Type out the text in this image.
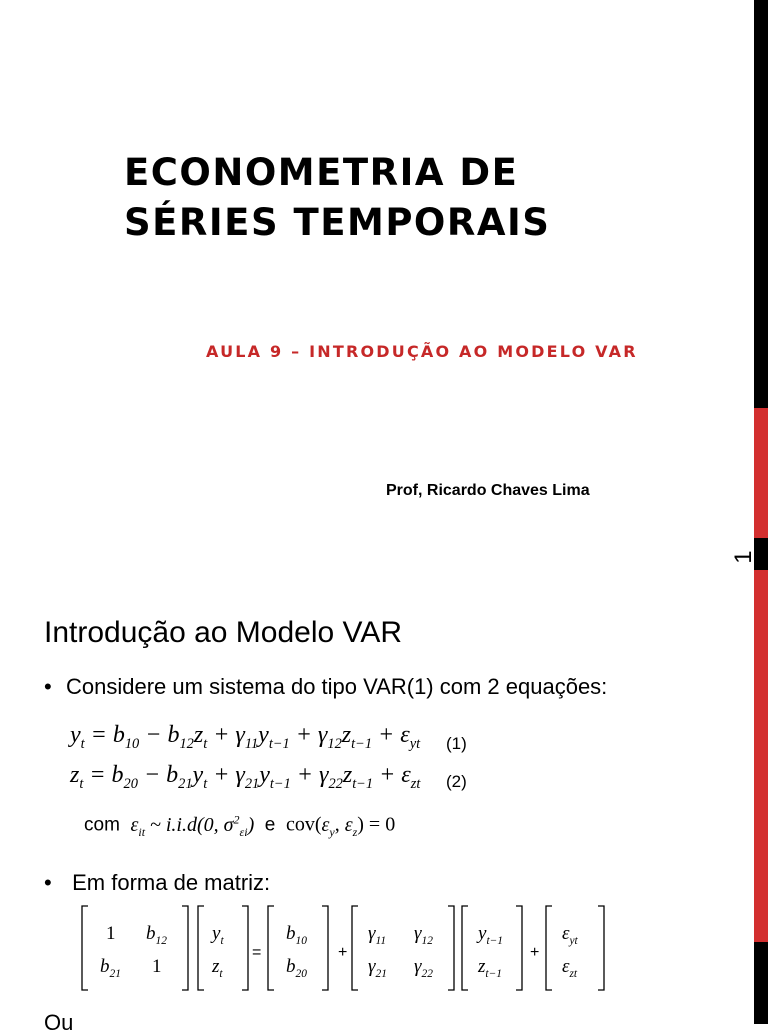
ECONOMETRIA DE
SÉRIES TEMPORAIS
AULA 9 – INTRODUÇÃO AO MODELO VAR
Prof, Ricardo Chaves Lima
1
Introdução ao Modelo VAR
• Considere um sistema do tipo VAR(1) com 2 equações:
$y_t = b_{10} - b_{12}z_t + \gamma_{11}y_{t-1} + \gamma_{12}z_{t-1} + \varepsilon_{yt}$ (1)
$z_t = b_{20} - b_{21}y_t + \gamma_{21}y_{t-1} + \gamma_{22}z_{t-1} + \varepsilon_{zt}$ (2)
com $\varepsilon_{it}$ ~ i.i.d(0, $\sigma^2_{\varepsilon i}$) e $cov(\varepsilon_y$, $\varepsilon_z) = 0$
• Em forma de matriz:
1 $b_{12}$
$b_{21}$ 1
$y_t$
$z_t$
=
$b_{10}$
$b_{20}$
+
$\gamma_{11}$ $\gamma_{12}$
$\gamma_{21}$ $\gamma_{22}$
$y_{t-1}$
$z_{t-1}$
+
$\varepsilon_{yt}$
$\varepsilon_{zt}$
Ou
